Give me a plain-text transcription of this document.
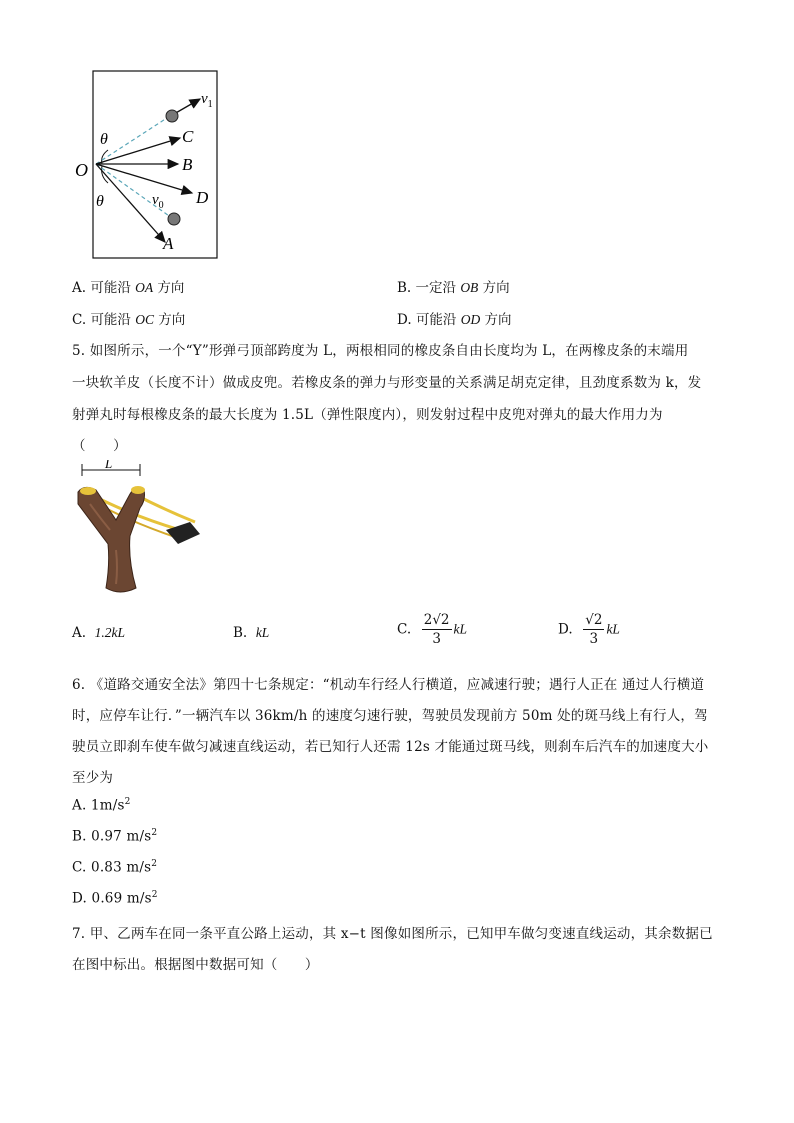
O
θ
θ
C
B
D
A
$v_1$
$v_0$
A. 可能沿 OA 方向	B. 一定沿 OB 方向
C. 可能沿 OC 方向	D. 可能沿 OD 方向
5. 如图所示，一个“Y”形弹弓顶部跨度为 L，两根相同的橡皮条自由长度均为 L，在两橡皮条的末端用
一块软羊皮（长度不计）做成皮兜。若橡皮条的弹力与形变量的关系满足胡克定律，且劲度系数为 k，发
射弹丸时每根橡皮条的最大长度为 1.5L（弹性限度内），则发射过程中皮兜对弹丸的最大作用力为
（　　）
L
A. 1.2kL	B. kL	C. $\frac{2√2}{3}$ kL	D. $\frac{√2}{3}$ kL
6. 《道路交通安全法》第四十七条规定：“机动车行经人行横道，应减速行驶；遇行人正在 通过人行横道
时，应停车让行．”一辆汽车以 36km/h 的速度匀速行驶，驾驶员发现前方 50m 处的斑马线上有行人，驾
驶员立即刹车使车做匀减速直线运动，若已知行人还需 12s 才能通过斑马线，则刹车后汽车的加速度大小
至少为
A. $1m/s^2$
B. 0.97 $m/s^2$
C. 0.83 $m/s^2$
D. 0.69 $m/s^2$
7. 甲、乙两车在同一条平直公路上运动，其 x−t 图像如图所示，已知甲车做匀变速直线运动，其余数据已
在图中标出。根据图中数据可知（　　）
